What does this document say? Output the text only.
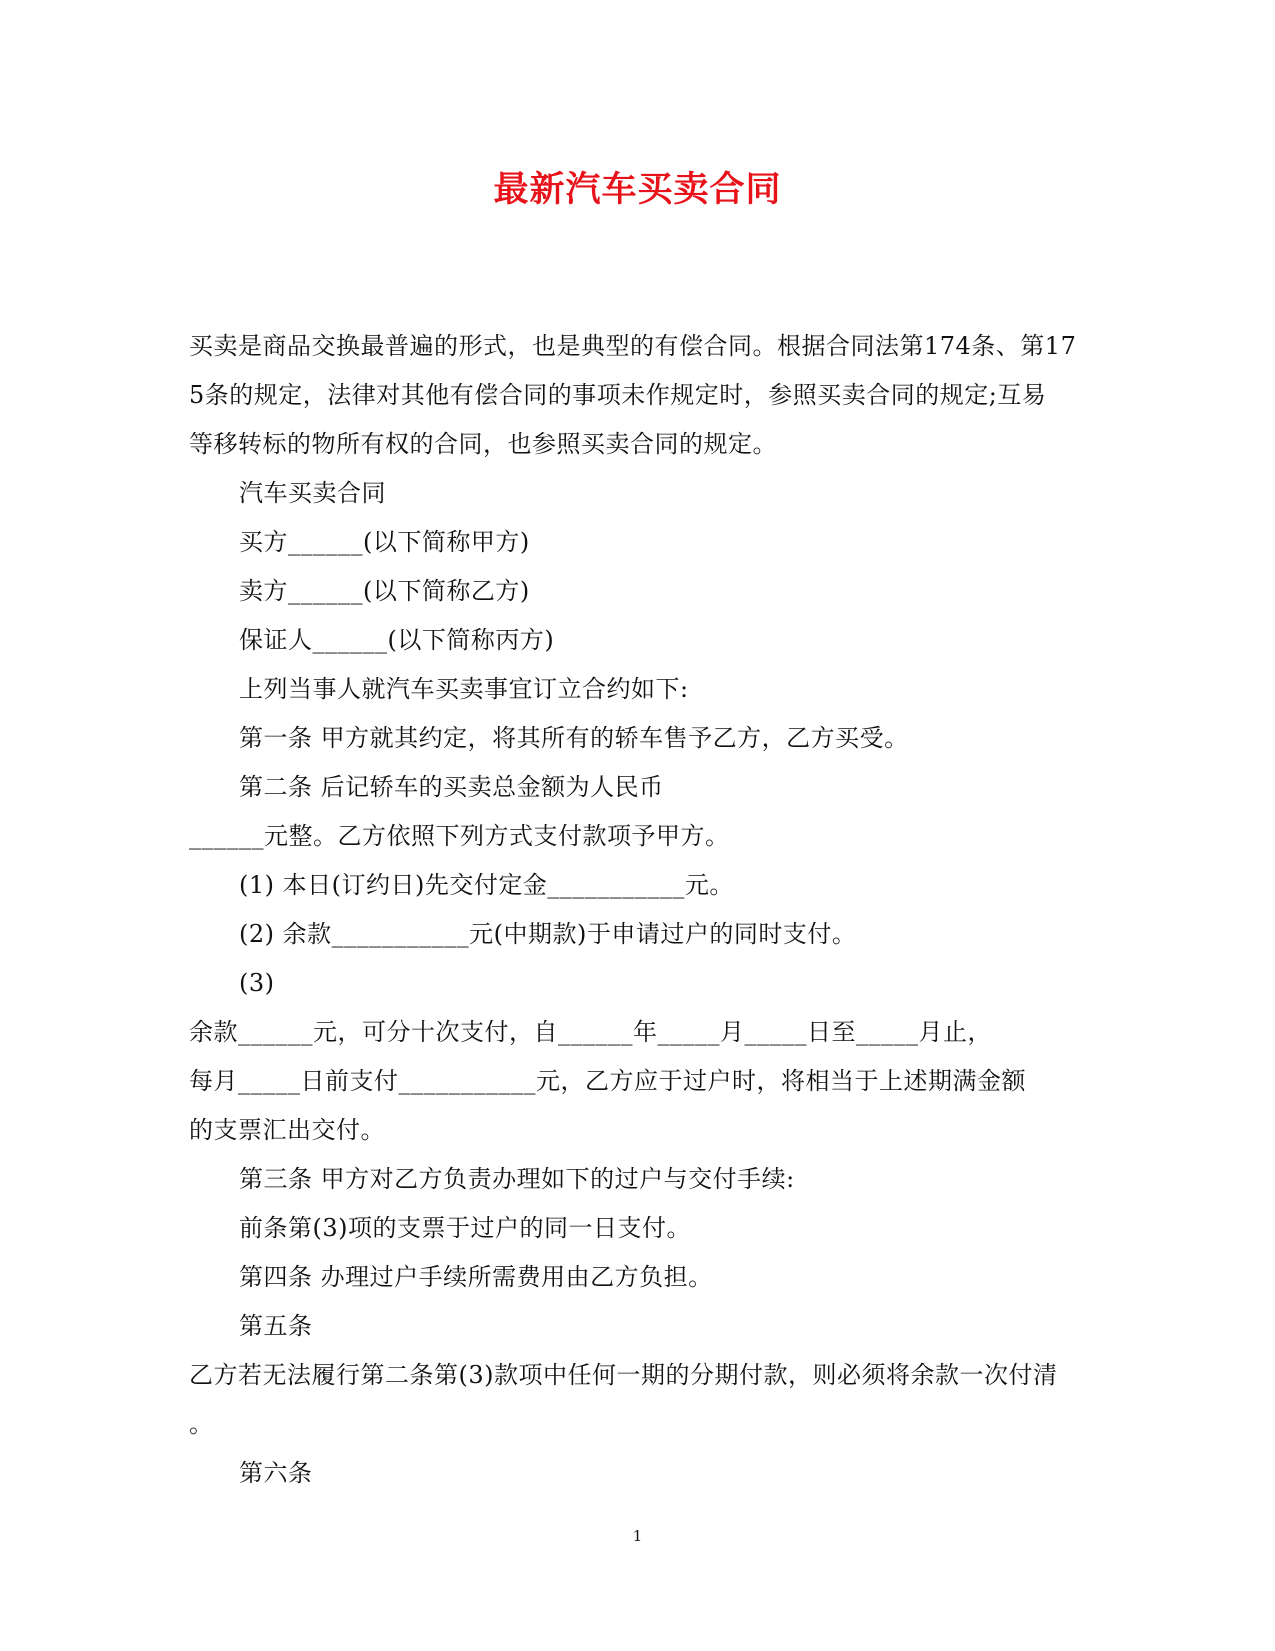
最新汽车买卖合同
买卖是商品交换最普遍的形式，也是典型的有偿合同。根据合同法第174条、第17
5条的规定，法律对其他有偿合同的事项未作规定时，参照买卖合同的规定;互易
等移转标的物所有权的合同，也参照买卖合同的规定。
汽车买卖合同
买方______(以下简称甲方)
卖方______(以下简称乙方)
保证人______(以下简称丙方)
上列当事人就汽车买卖事宜订立合约如下:
第一条 甲方就其约定，将其所有的轿车售予乙方，乙方买受。
第二条 后记轿车的买卖总金额为人民币
______元整。乙方依照下列方式支付款项予甲方。
(1) 本日(订约日)先交付定金___________元。
(2) 余款___________元(中期款)于申请过户的同时支付。
(3)
余款______元，可分十次支付，自______年_____月_____日至_____月止，
每月_____日前支付___________元，乙方应于过户时，将相当于上述期满金额
的支票汇出交付。
第三条 甲方对乙方负责办理如下的过户与交付手续:
前条第(3)项的支票于过户的同一日支付。
第四条 办理过户手续所需费用由乙方负担。
第五条
乙方若无法履行第二条第(3)款项中任何一期的分期付款，则必须将余款一次付清
。
第六条
1
